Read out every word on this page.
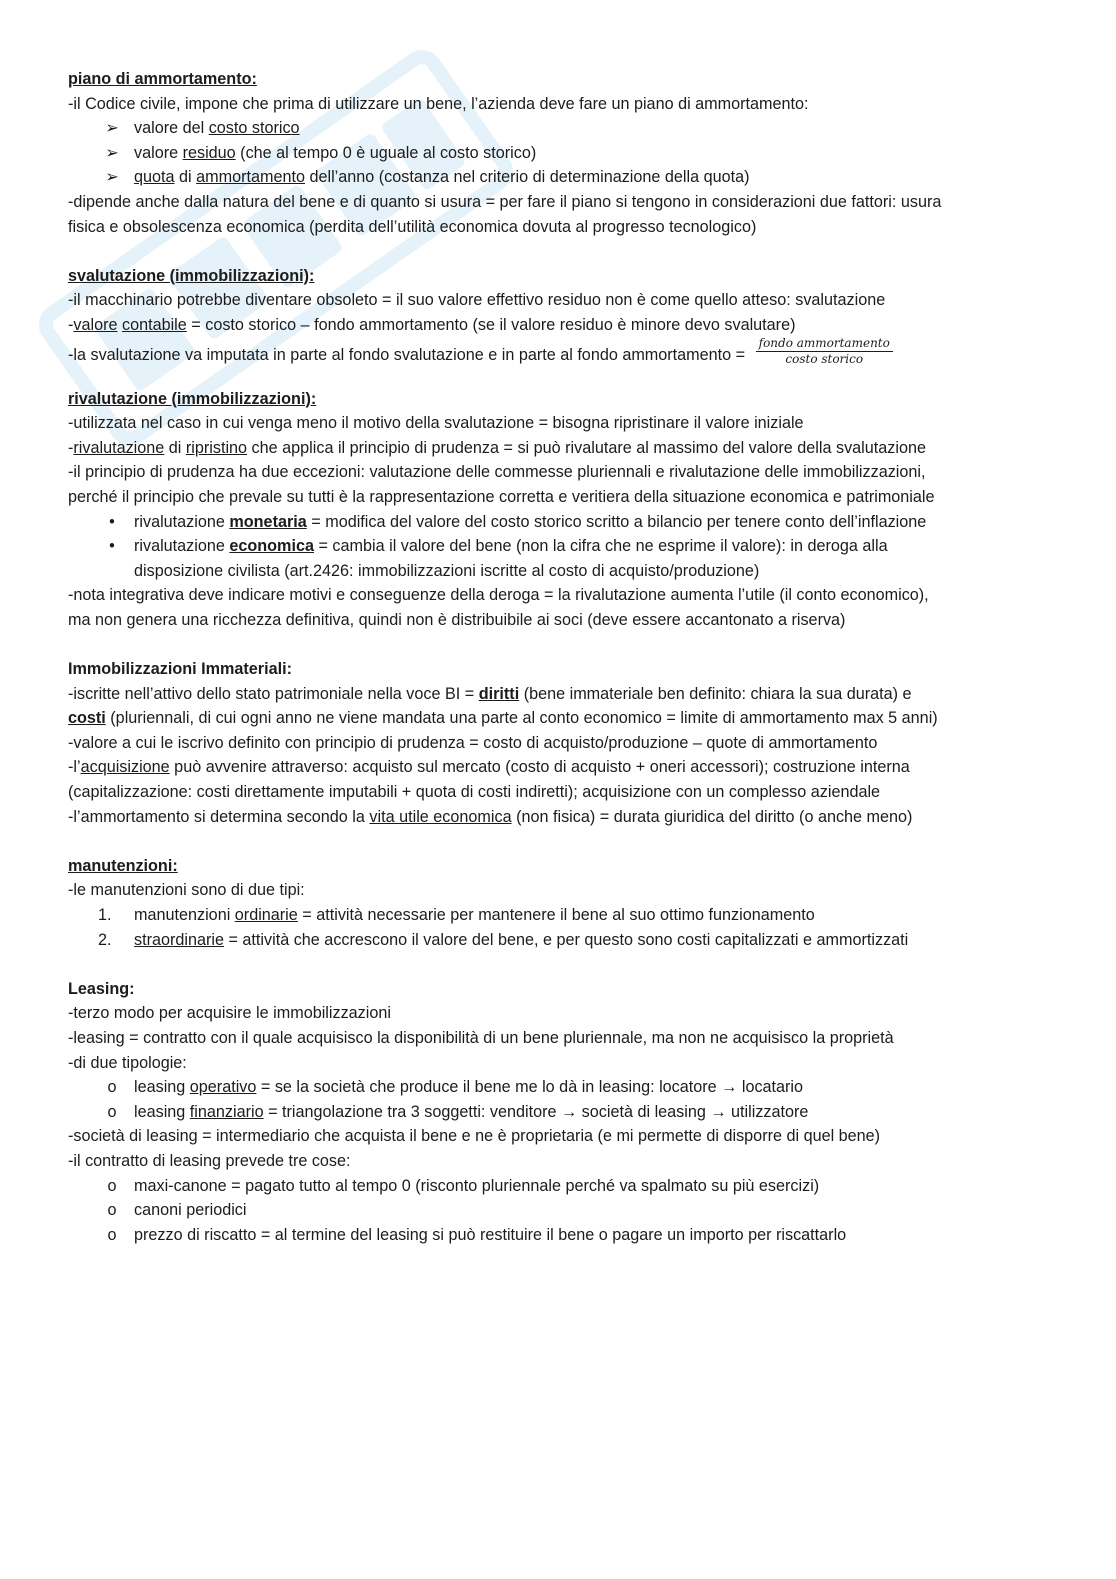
piano di ammortamento:
-il Codice civile, impone che prima di utilizzare un bene, l’azienda deve fare un piano di ammortamento:
➢ valore del costo storico
➢ valore residuo (che al tempo 0 è uguale al costo storico)
➢ quota di ammortamento dell’anno (costanza nel criterio di determinazione della quota)
-dipende anche dalla natura del bene e di quanto si usura = per fare il piano si tengono in considerazioni due fattori: usura
fisica e obsolescenza economica (perdita dell’utilità economica dovuta al progresso tecnologico)
svalutazione (immobilizzazioni):
-il macchinario potrebbe diventare obsoleto = il suo valore effettivo residuo non è come quello atteso: svalutazione
-valore contabile = costo storico – fondo ammortamento (se il valore residuo è minore devo svalutare)
-la svalutazione va imputata in parte al fondo svalutazione e in parte al fondo ammortamento = $\frac{\text{fondo ammortamento}}{\text{costo storico}}$
rivalutazione (immobilizzazioni):
-utilizzata nel caso in cui venga meno il motivo della svalutazione = bisogna ripristinare il valore iniziale
-rivalutazione di ripristino che applica il principio di prudenza = si può rivalutare al massimo del valore della svalutazione
-il principio di prudenza ha due eccezioni: valutazione delle commesse pluriennali e rivalutazione delle immobilizzazioni,
perché il principio che prevale su tutti è la rappresentazione corretta e veritiera della situazione economica e patrimoniale
•	rivalutazione monetaria = modifica del valore del costo storico scritto a bilancio per tenere conto dell’inflazione
•	rivalutazione economica = cambia il valore del bene (non la cifra che ne esprime il valore): in deroga alla
disposizione civilista (art.2426: immobilizzazioni iscritte al costo di acquisto/produzione)
-nota integrativa deve indicare motivi e conseguenze della deroga = la rivalutazione aumenta l’utile (il conto economico),
ma non genera una ricchezza definitiva, quindi non è distribuibile ai soci (deve essere accantonato a riserva)
Immobilizzazioni Immateriali:
-iscritte nell’attivo dello stato patrimoniale nella voce BI = diritti (bene immateriale ben definito: chiara la sua durata) e
costi (pluriennali, di cui ogni anno ne viene mandata una parte al conto economico = limite di ammortamento max 5 anni)
-valore a cui le iscrivo definito con principio di prudenza = costo di acquisto/produzione – quote di ammortamento
-l’acquisizione può avvenire attraverso: acquisto sul mercato (costo di acquisto + oneri accessori); costruzione interna
(capitalizzazione: costi direttamente imputabili + quota di costi indiretti); acquisizione con un complesso aziendale
-l’ammortamento si determina secondo la vita utile economica (non fisica) = durata giuridica del diritto (o anche meno)
manutenzioni:
-le manutenzioni sono di due tipi:
1.	manutenzioni ordinarie = attività necessarie per mantenere il bene al suo ottimo funzionamento
2.	straordinarie = attività che accrescono il valore del bene, e per questo sono costi capitalizzati e ammortizzati
Leasing:
-terzo modo per acquisire le immobilizzazioni
-leasing = contratto con il quale acquisisco la disponibilità di un bene pluriennale, ma non ne acquisisco la proprietà
-di due tipologie:
o	leasing operativo = se la società che produce il bene me lo dà in leasing: locatore → locatario
o	leasing finanziario = triangolazione tra 3 soggetti: venditore → società di leasing → utilizzatore
-società di leasing = intermediario che acquista il bene e ne è proprietaria (e mi permette di disporre di quel bene)
-il contratto di leasing prevede tre cose:
o	maxi-canone = pagato tutto al tempo 0 (risconto pluriennale perché va spalmato su più esercizi)
o	canoni periodici
o	prezzo di riscatto = al termine del leasing si può restituire il bene o pagare un importo per riscattarlo
